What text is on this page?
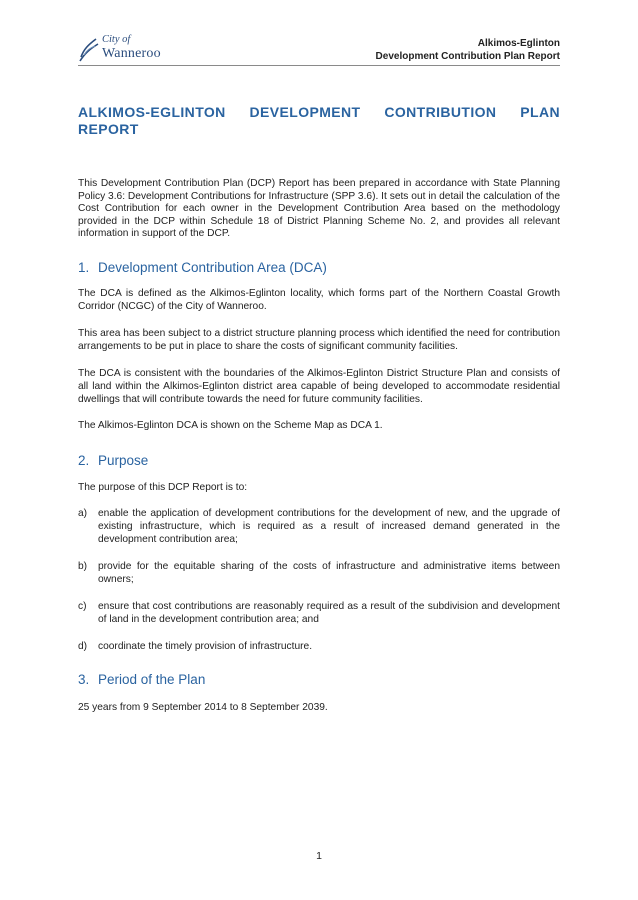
City of
Wanneroo
Alkimos-Eglinton
Development Contribution Plan Report
ALKIMOS-EGLINTON DEVELOPMENT CONTRIBUTION PLAN REPORT

This Development Contribution Plan (DCP) Report has been prepared in accordance with State Planning Policy 3.6: Development Contributions for Infrastructure (SPP 3.6). It sets out in detail the calculation of the Cost Contribution for each owner in the Development Contribution Area based on the methodology provided in the DCP within Schedule 18 of District Planning Scheme No. 2, and provides all relevant information in support of the DCP.

1. Development Contribution Area (DCA)

The DCA is defined as the Alkimos-Eglinton locality, which forms part of the Northern Coastal Growth Corridor (NCGC) of the City of Wanneroo.

This area has been subject to a district structure planning process which identified the need for contribution arrangements to be put in place to share the costs of significant community facilities.

The DCA is consistent with the boundaries of the Alkimos-Eglinton District Structure Plan and consists of all land within the Alkimos-Eglinton district area capable of being developed to accommodate residential dwellings that will contribute towards the need for future community facilities.

The Alkimos-Eglinton DCA is shown on the Scheme Map as DCA 1.

2. Purpose

The purpose of this DCP Report is to:

a) enable the application of development contributions for the development of new, and the upgrade of existing infrastructure, which is required as a result of increased demand generated in the development contribution area;

b) provide for the equitable sharing of the costs of infrastructure and administrative items between owners;

c) ensure that cost contributions are reasonably required as a result of the subdivision and development of land in the development contribution area; and

d) coordinate the timely provision of infrastructure.

3. Period of the Plan

25 years from 9 September 2014 to 8 September 2039.

1
